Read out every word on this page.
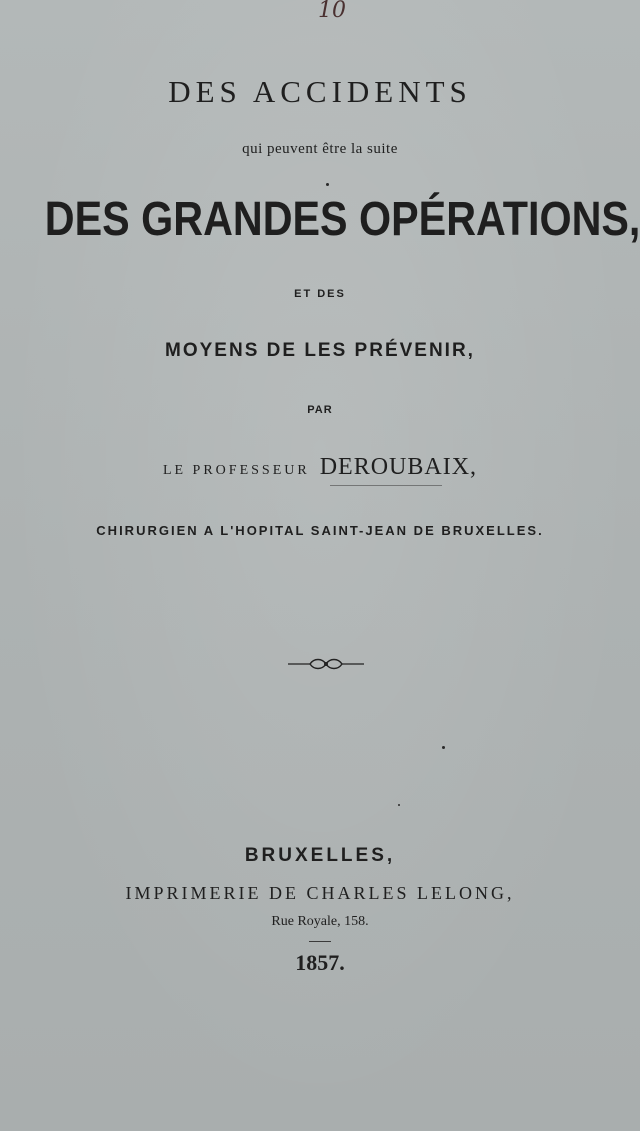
10
DES ACCIDENTS
qui peuvent être la suite
DES GRANDES OPÉRATIONS,
ET DES
MOYENS DE LES PRÉVENIR,
PAR
LE PROFESSEUR DEROUBAIX,
CHIRURGIEN A L'HOPITAL SAINT-JEAN DE BRUXELLES.
BRUXELLES,
IMPRIMERIE DE CHARLES LELONG,
Rue Royale, 158.
1857.
